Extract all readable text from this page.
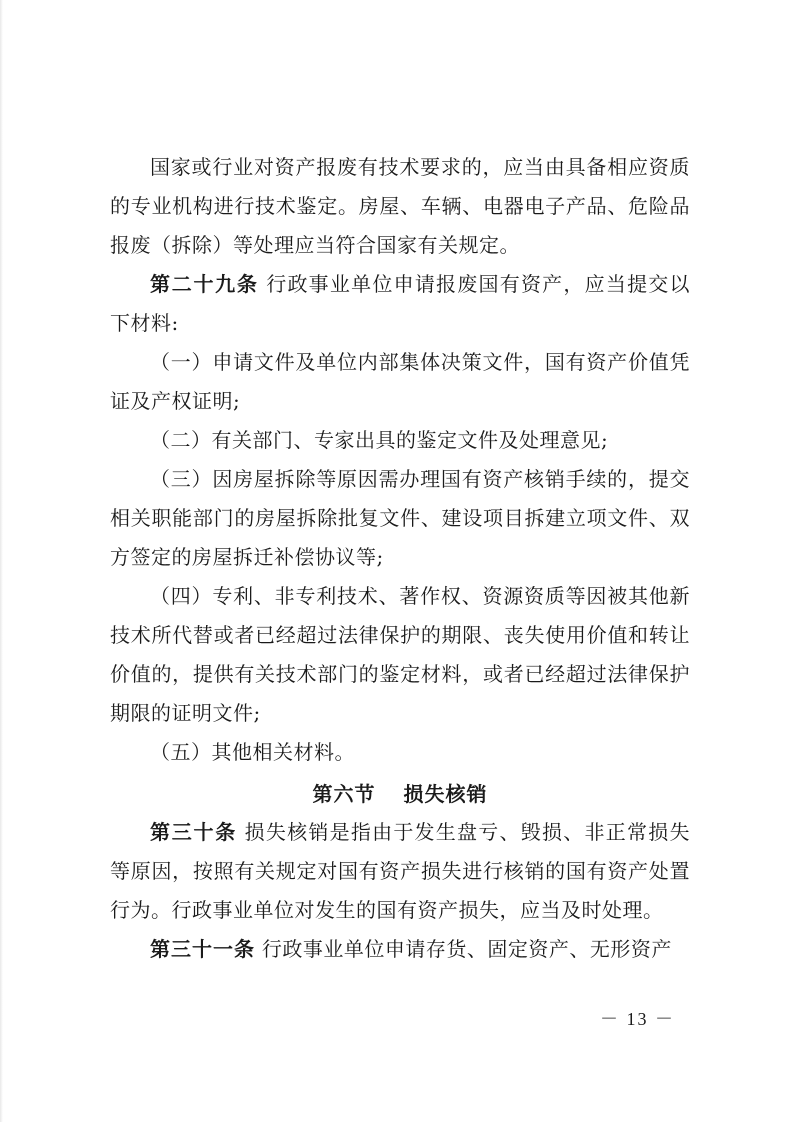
国家或行业对资产报废有技术要求的，应当由具备相应资质的专业机构进行技术鉴定。房屋、车辆、电器电子产品、危险品报废（拆除）等处理应当符合国家有关规定。

第二十九条 行政事业单位申请报废国有资产，应当提交以下材料:

（一）申请文件及单位内部集体决策文件，国有资产价值凭证及产权证明;

（二）有关部门、专家出具的鉴定文件及处理意见;

（三）因房屋拆除等原因需办理国有资产核销手续的，提交相关职能部门的房屋拆除批复文件、建设项目拆建立项文件、双方签定的房屋拆迁补偿协议等;

（四）专利、非专利技术、著作权、资源资质等因被其他新技术所代替或者已经超过法律保护的期限、丧失使用价值和转让价值的，提供有关技术部门的鉴定材料，或者已经超过法律保护期限的证明文件;

（五）其他相关材料。

第六节 损失核销

第三十条 损失核销是指由于发生盘亏、毁损、非正常损失等原因，按照有关规定对国有资产损失进行核销的国有资产处置行为。行政事业单位对发生的国有资产损失，应当及时处理。

第三十一条 行政事业单位申请存货、固定资产、无形资产

－ 13 －
